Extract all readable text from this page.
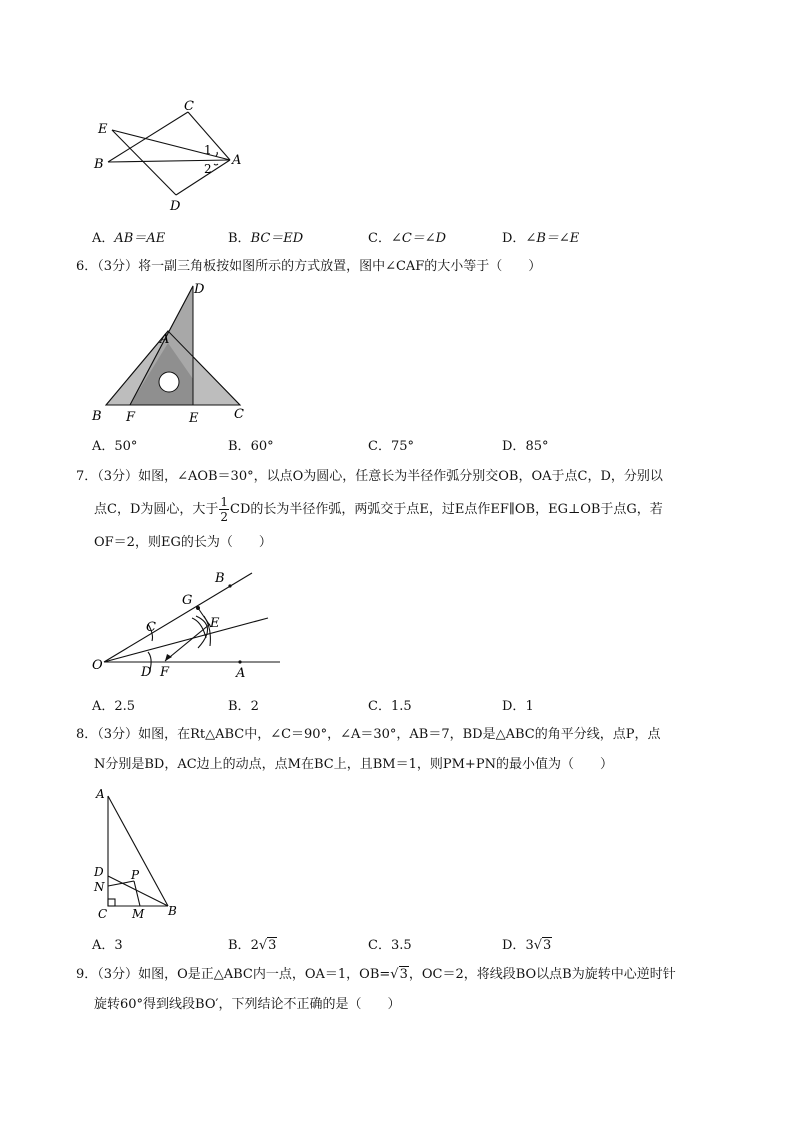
C
E
B	A
D
1
2
A．AB＝AE	B．BC＝ED	C．∠C＝∠D	D．∠B＝∠E
6．（3分）将一副三角板按如图所示的方式放置，图中∠CAF的大小等于（　　）
D
A
B F	E	C
A．50°	B．60°	C．75°	D．85°
7．（3分）如图，∠AOB＝30°，以点O为圆心，任意长为半径作弧分别交OB，OA于点C，D，分别以
点C，D为圆心，大于 $\frac{1}{2}$ CD的长为半径作弧，两弧交于点E，过E点作EF∥OB，EG⊥OB于点G，若
OF＝2，则EG的长为（　　）
B
G
C	E
O	D F	A
A．2.5	B．2	C．1.5	D．1
8．（3分）如图，在Rt△ABC中，∠C＝90°，∠A＝30°，AB＝7，BD是△ABC的角平分线，点P，点
N分别是BD，AC边上的动点，点M在BC上，且BM＝1，则PM+PN的最小值为（　　）
A
D
N
P
C M B
A．3	B．2√3	C．3.5	D．3√3
9．（3分）如图，O是正△ABC内一点，OA＝1，OB=√3，OC＝2，将线段BO以点B为旋转中心逆时针
旋转60°得到线段BO′，下列结论不正确的是（　　）
